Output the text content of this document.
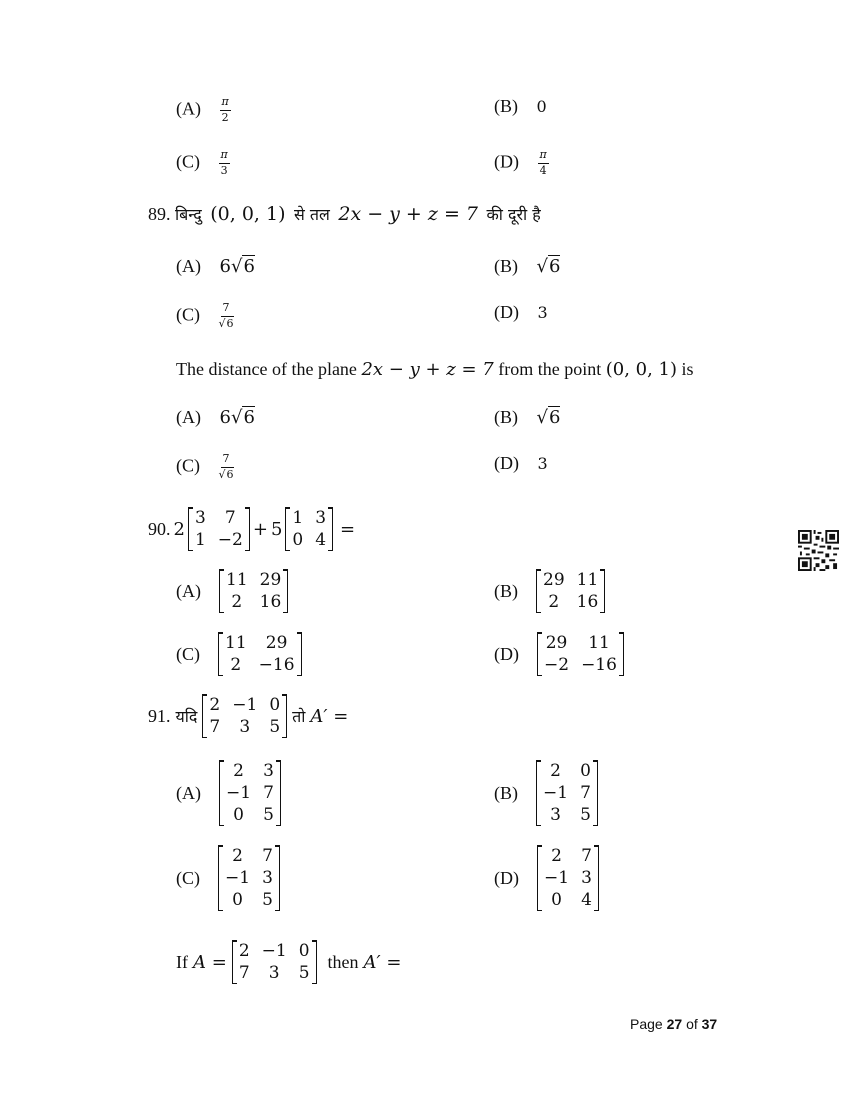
$(A) \frac{\pi}{2}$	(B) 0
$(C) \frac{\pi}{3}$	$(D) \frac{\pi}{4}$
89. बिन्दु (0, 0, 1) से तल 2x − y + z = 7 की दूरी है
(A) 6√6	(B) √6
$(C) \frac{7}{√6}$	(D) 3
The distance of the plane 2x − y + z = 7 from the point (0, 0, 1) is
(A) 6√6	(B) √6
$(C) \frac{7}{√6}$	(D) 3
90. 2
3	7
1	−2
+ 5
1	3
0	4
=
(A)
11	29
2	16
(B)
29	11
2	16
(C)
11	29
2	−16
(D)
29	11
−2	−16
91. यदि
2	−1	0
7	3	5
तो A′ =
(A)
2	3
−1	7
0	5
(B)
2	0
−1	7
3	5
(C)
2	7
−1	3
0	5
(D)
2	7
−1	3
0	4
If A =
2	−1	0
7	3	5
then A′ =
Page 27 of 37
